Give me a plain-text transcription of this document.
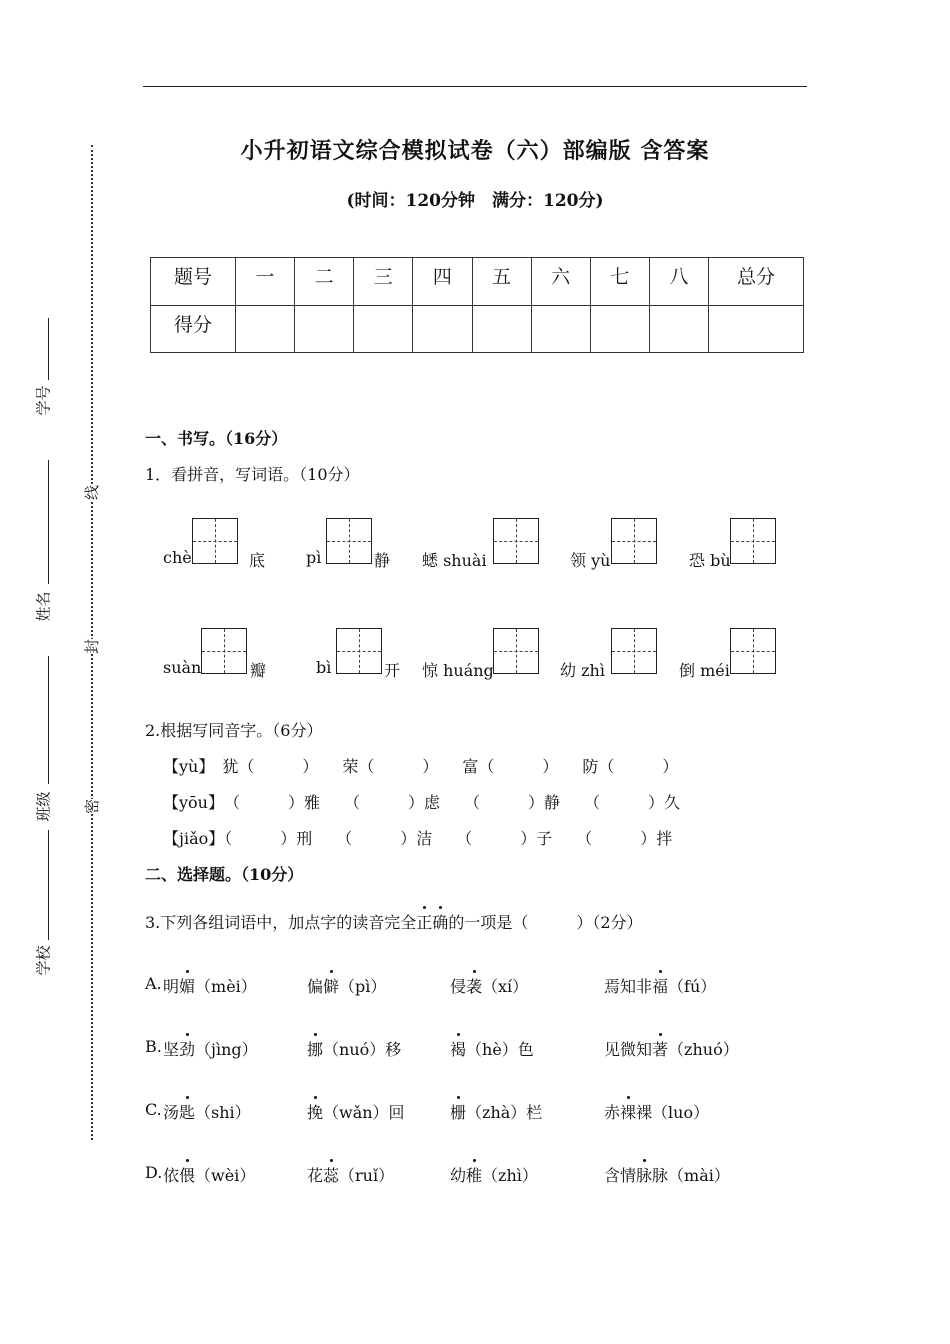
小升初语文综合模拟试卷（六）部编版 含答案
(时间：120分钟　满分：120分)
题号	一	二	三	四	五	六	七	八	总分
得分									
学号
姓名
班级
学校
线
封
密
一、书写。（16分）
1．看拼音，写词语。（10分）
chè	底	pì	静 蟋 shuài	领 yù	恐 bù
suàn	瓣	bì	开 惊 huáng	幼 zhì	倒 méi
2.根据写同音字。（6分）
【yù】　犹（　　　）　　荣（　　　）　　富（　　　）　　防（　　　）
【yōu】　（　　　）雅　　（　　　）虑　　（　　　）静　　（　　　）久
【jiǎo】（　　　）刑　　（　　　）洁　　（　　　）子　　（　　　）拌
二、选择题。（10分）
3.下列各组词语中，加点字的读音完全正确的一项是（　　　）（2分）
A. 明媚（mèi）	偏僻（pì）	侵袭（xí）	焉知非福（fú）
B. 坚劲（jìng）	挪（nuó）移	褐（hè）色	见微知著（zhuó）
C. 汤匙（shi）	挽（wǎn）回	栅（zhà）栏	赤裸裸（luo）
D. 依偎（wèi）	花蕊（ruǐ）	幼稚（zhì）	含情脉脉（mài）
